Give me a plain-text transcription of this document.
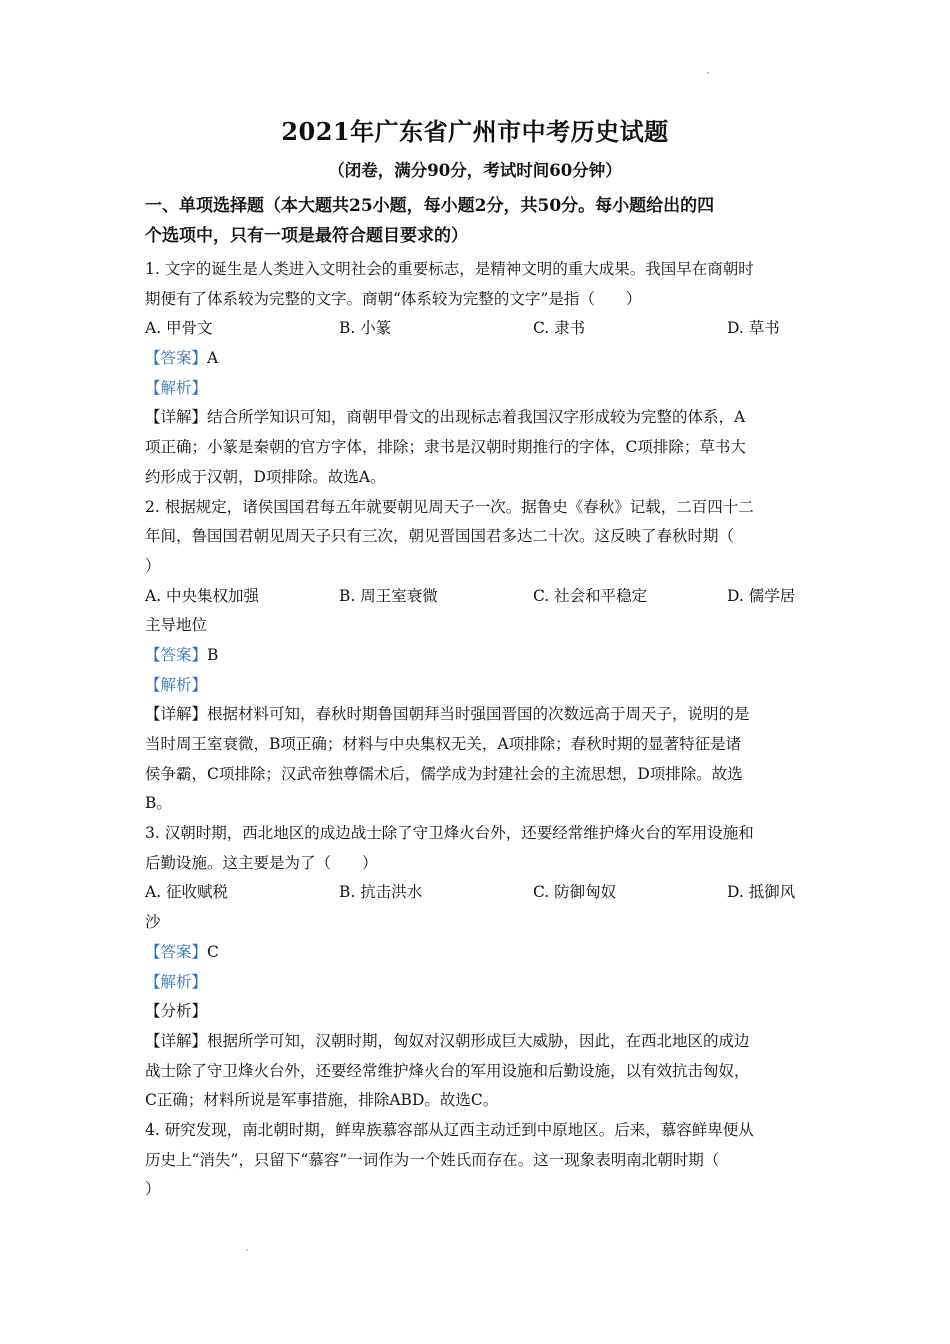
2021年广东省广州市中考历史试题
（闭卷，满分90分，考试时间60分钟）
一、单项选择题（本大题共25小题，每小题2分，共50分。每小题给出的四
个选项中，只有一项是最符合题目要求的）
1. 文字的诞生是人类进入文明社会的重要标志，是精神文明的重大成果。我国早在商朝时
期便有了体系较为完整的文字。商朝“体系较为完整的文字”是指（　　）
A. 甲骨文	B. 小篆	C. 隶书	D. 草书
【答案】A
【解析】
【详解】结合所学知识可知，商朝甲骨文的出现标志着我国汉字形成较为完整的体系，A
项正确；小篆是秦朝的官方字体，排除；隶书是汉朝时期推行的字体，C项排除；草书大
约形成于汉朝，D项排除。故选A。
2. 根据规定，诸侯国国君每五年就要朝见周天子一次。据鲁史《春秋》记载，二百四十二
年间，鲁国国君朝见周天子只有三次，朝见晋国国君多达二十次。这反映了春秋时期（
）
A. 中央集权加强	B. 周王室衰微	C. 社会和平稳定	D. 儒学居
主导地位
【答案】B
【解析】
【详解】根据材料可知，春秋时期鲁国朝拜当时强国晋国的次数远高于周天子，说明的是
当时周王室衰微，B项正确；材料与中央集权无关，A项排除；春秋时期的显著特征是诸
侯争霸，C项排除；汉武帝独尊儒术后，儒学成为封建社会的主流思想，D项排除。故选
B。
3. 汉朝时期，西北地区的成边战士除了守卫烽火台外，还要经常维护烽火台的军用设施和
后勤设施。这主要是为了（　　）
A. 征收赋税	B. 抗击洪水	C. 防御匈奴	D. 抵御风
沙
【答案】C
【解析】
【分析】
【详解】根据所学可知，汉朝时期，匈奴对汉朝形成巨大威胁，因此，在西北地区的成边
战士除了守卫烽火台外，还要经常维护烽火台的军用设施和后勤设施，以有效抗击匈奴，
C正确；材料所说是军事措施，排除ABD。故选C。
4. 研究发现，南北朝时期，鲜卑族慕容部从辽西主动迁到中原地区。后来，慕容鲜卑便从
历史上“消失”，只留下“慕容”一词作为一个姓氏而存在。这一现象表明南北朝时期（
）
